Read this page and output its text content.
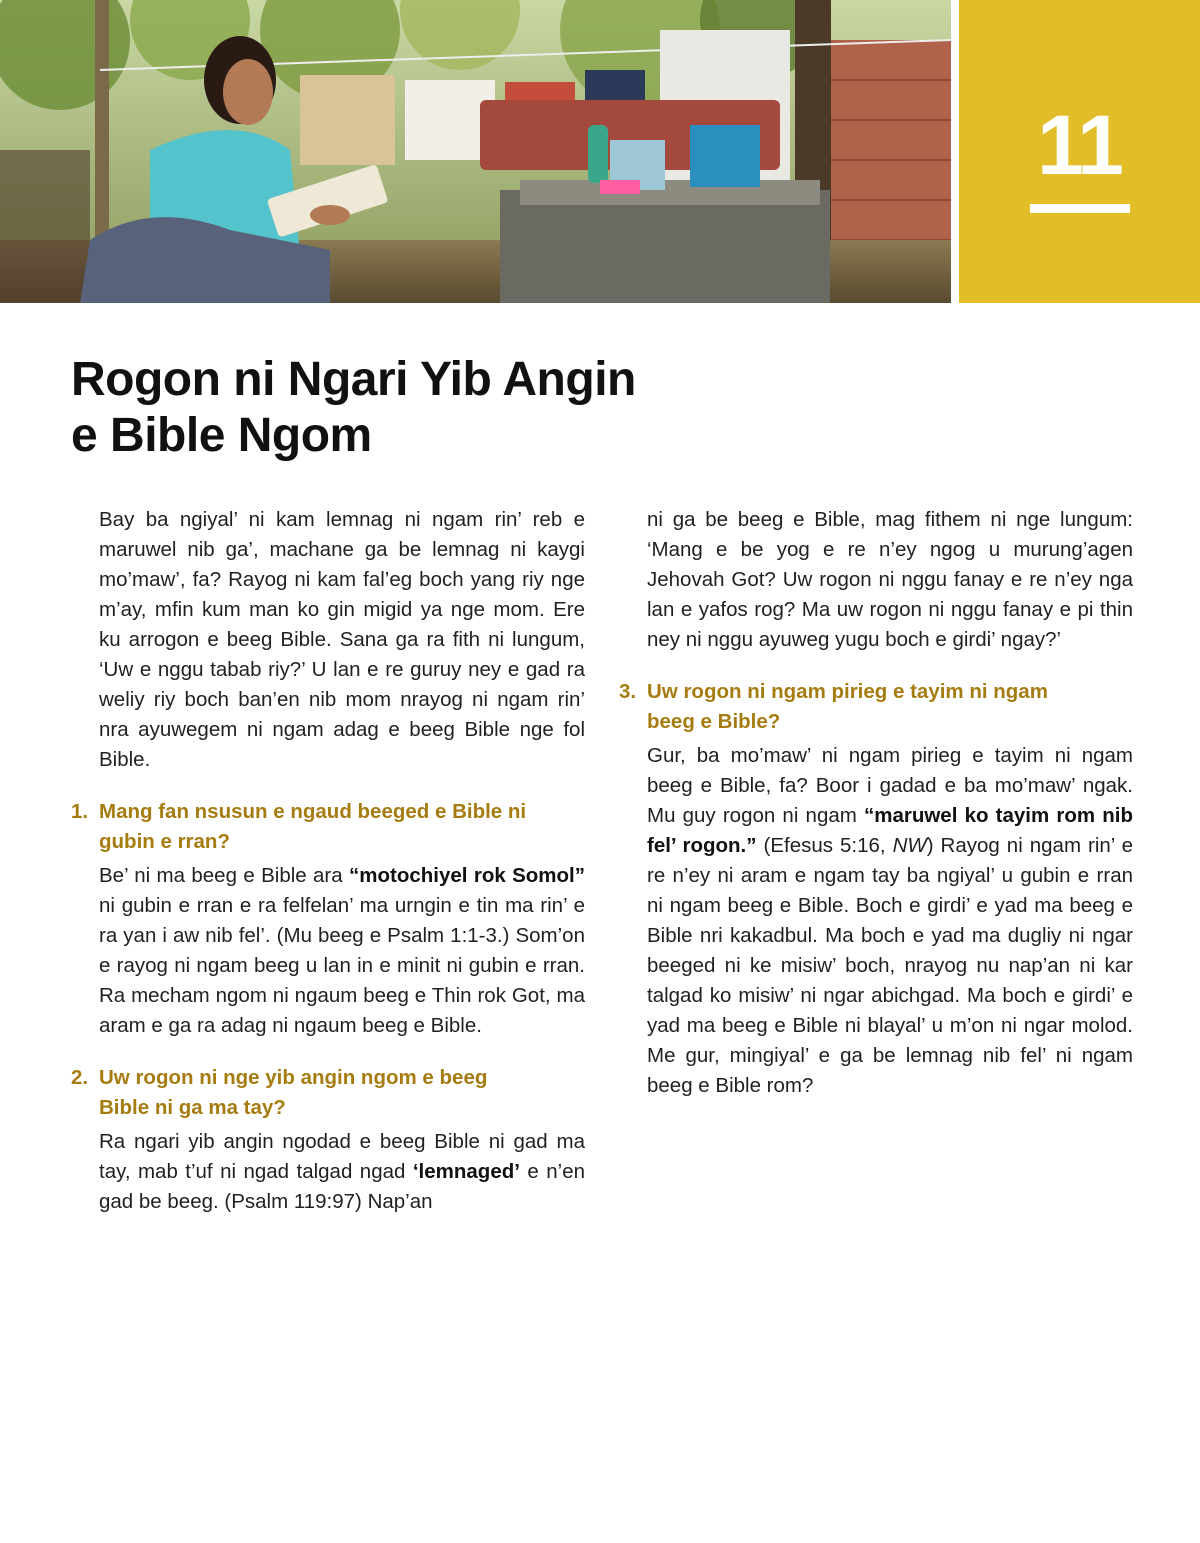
11
Rogon ni Ngari Yib Angin
e Bible Ngom

Bay ba ngiyal’ ni kam lemnag ni ngam rin’ reb e maruwel nib ga’, machane ga be lemnag ni kaygi mo’maw’, fa? Rayog ni kam fal’eg boch yang riy nge m’ay, mfin kum man ko gin migid ya nge mom. Ere ku arrogon e beeg Bible. Sana ga ra fith ni lungum, ‘Uw e nggu tabab riy?’ U lan e re guruy ney e gad ra weliy riy boch ban’en nib mom nrayog ni ngam rin’ nra ayuwegem ni ngam adag e beeg Bible nge fol Bible.

1. Mang fan nsusun e ngaud beeged e Bible ni
gubin e rran?

Be’ ni ma beeg e Bible ara “motochiyel rok Somol” ni gubin e rran e ra felfelan’ ma urngin e tin ma rin’ e ra yan i aw nib fel’. (Mu beeg e Psalm 1:1-3.) Som’on e rayog ni ngam beeg u lan in e minit ni gubin e rran. Ra mecham ngom ni ngaum beeg e Thin rok Got, ma aram e ga ra adag ni ngaum beeg e Bible.

2. Uw rogon ni nge yib angin ngom e beeg
Bible ni ga ma tay?

Ra ngari yib angin ngodad e beeg Bible ni gad ma tay, mab t’uf ni ngad talgad ngad ‘lemnaged’ e n’en gad be beeg. (Psalm 119:97) Nap’an

ni ga be beeg e Bible, mag fithem ni nge lungum: ‘Mang e be yog e re n’ey ngog u murung’agen Jehovah Got? Uw rogon ni nggu fanay e re n’ey nga lan e yafos rog? Ma uw rogon ni nggu fanay e pi thin ney ni nggu ayuweg yugu boch e girdi’ ngay?’

3. Uw rogon ni ngam pirieg e tayim ni ngam
beeg e Bible?

Gur, ba mo’maw’ ni ngam pirieg e tayim ni ngam beeg e Bible, fa? Boor i gadad e ba mo’maw’ ngak. Mu guy rogon ni ngam “maruwel ko tayim rom nib fel’ rogon.” (Efesus 5:16, NW) Rayog ni ngam rin’ e re n’ey ni aram e ngam tay ba ngiyal’ u gubin e rran ni ngam beeg e Bible. Boch e girdi’ e yad ma beeg e Bible nri kakadbul. Ma boch e yad ma dugliy ni ngar beeged ni ke misiw’ boch, nrayog nu nap’an ni kar talgad ko misiw’ ni ngar abichgad. Ma boch e girdi’ e yad ma beeg e Bible ni blayal’ u m’on ni ngar molod. Me gur, mingiyal’ e ga be lemnag nib fel’ ni ngam beeg e Bible rom?
